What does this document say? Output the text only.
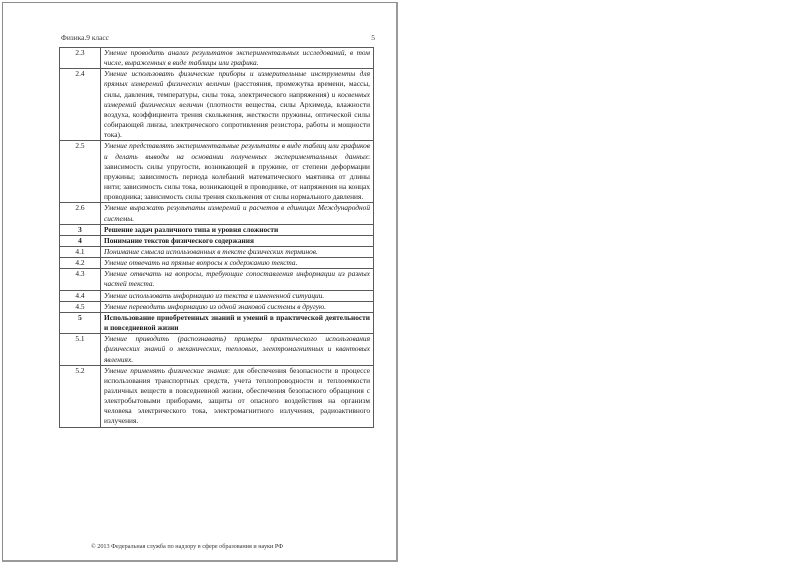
Физика.9 класс	5
2.3	Умение проводить анализ результатов экспериментальных исследований, в том числе, выраженных в виде таблицы или графика.
2.4	Умение использовать физические приборы и измерительные инструменты для прямых измерений физических величин (расстояния, промежутка времени, массы, силы, давления, температуры, силы тока, электрического напряжения) и косвенных измерений физических величин (плотности вещества, силы Архимеда, влажности воздуха, коэффициента трения скольжения, жесткости пружины, оптической силы собирающей линзы, электрического сопротивления резистора, работы и мощности тока).
2.5	Умение представлять экспериментальные результаты в виде таблиц или графиков и делать выводы на основании полученных экспериментальных данных: зависимость силы упругости, возникающей в пружине, от степени деформации пружины; зависимость периода колебаний математического маятника от длины нити; зависимость силы тока, возникающей в проводнике, от напряжения на концах проводника; зависимость силы трения скольжения от силы нормального давления.
2.6	Умение выражать результаты измерений и расчетов в единицах Международной системы.
3	Решение задач различного типа и уровня сложности
4	Понимание текстов физического содержания
4.1	Понимание смысла использованных в тексте физических терминов.
4.2	Умение отвечать на прямые вопросы к содержанию текста.
4.3	Умение отвечать на вопросы, требующие сопоставления информации из разных частей текста.
4.4	Умение использовать информацию из текста в измененной ситуации.
4.5	Умение переводить информацию из одной знаковой системы в другую.
5	Использование приобретенных знаний и умений в практической деятельности и повседневной жизни
5.1	Умение приводить (распознавать) примеры практического использования физических знаний о механических, тепловых, электромагнитных и квантовых явлениях.
5.2	Умение применять физические знания: для обеспечения безопасности в процессе использования транспортных средств, учета теплопроводности и теплоемкости различных веществ в повседневной жизни, обеспечения безопасного обращения с электробытовыми приборами, защиты от опасного воздействия на организм человека электрического тока, электромагнитного излучения, радиоактивного излучения.
© 2013 Федеральная служба по надзору в сфере образования и науки РФ
